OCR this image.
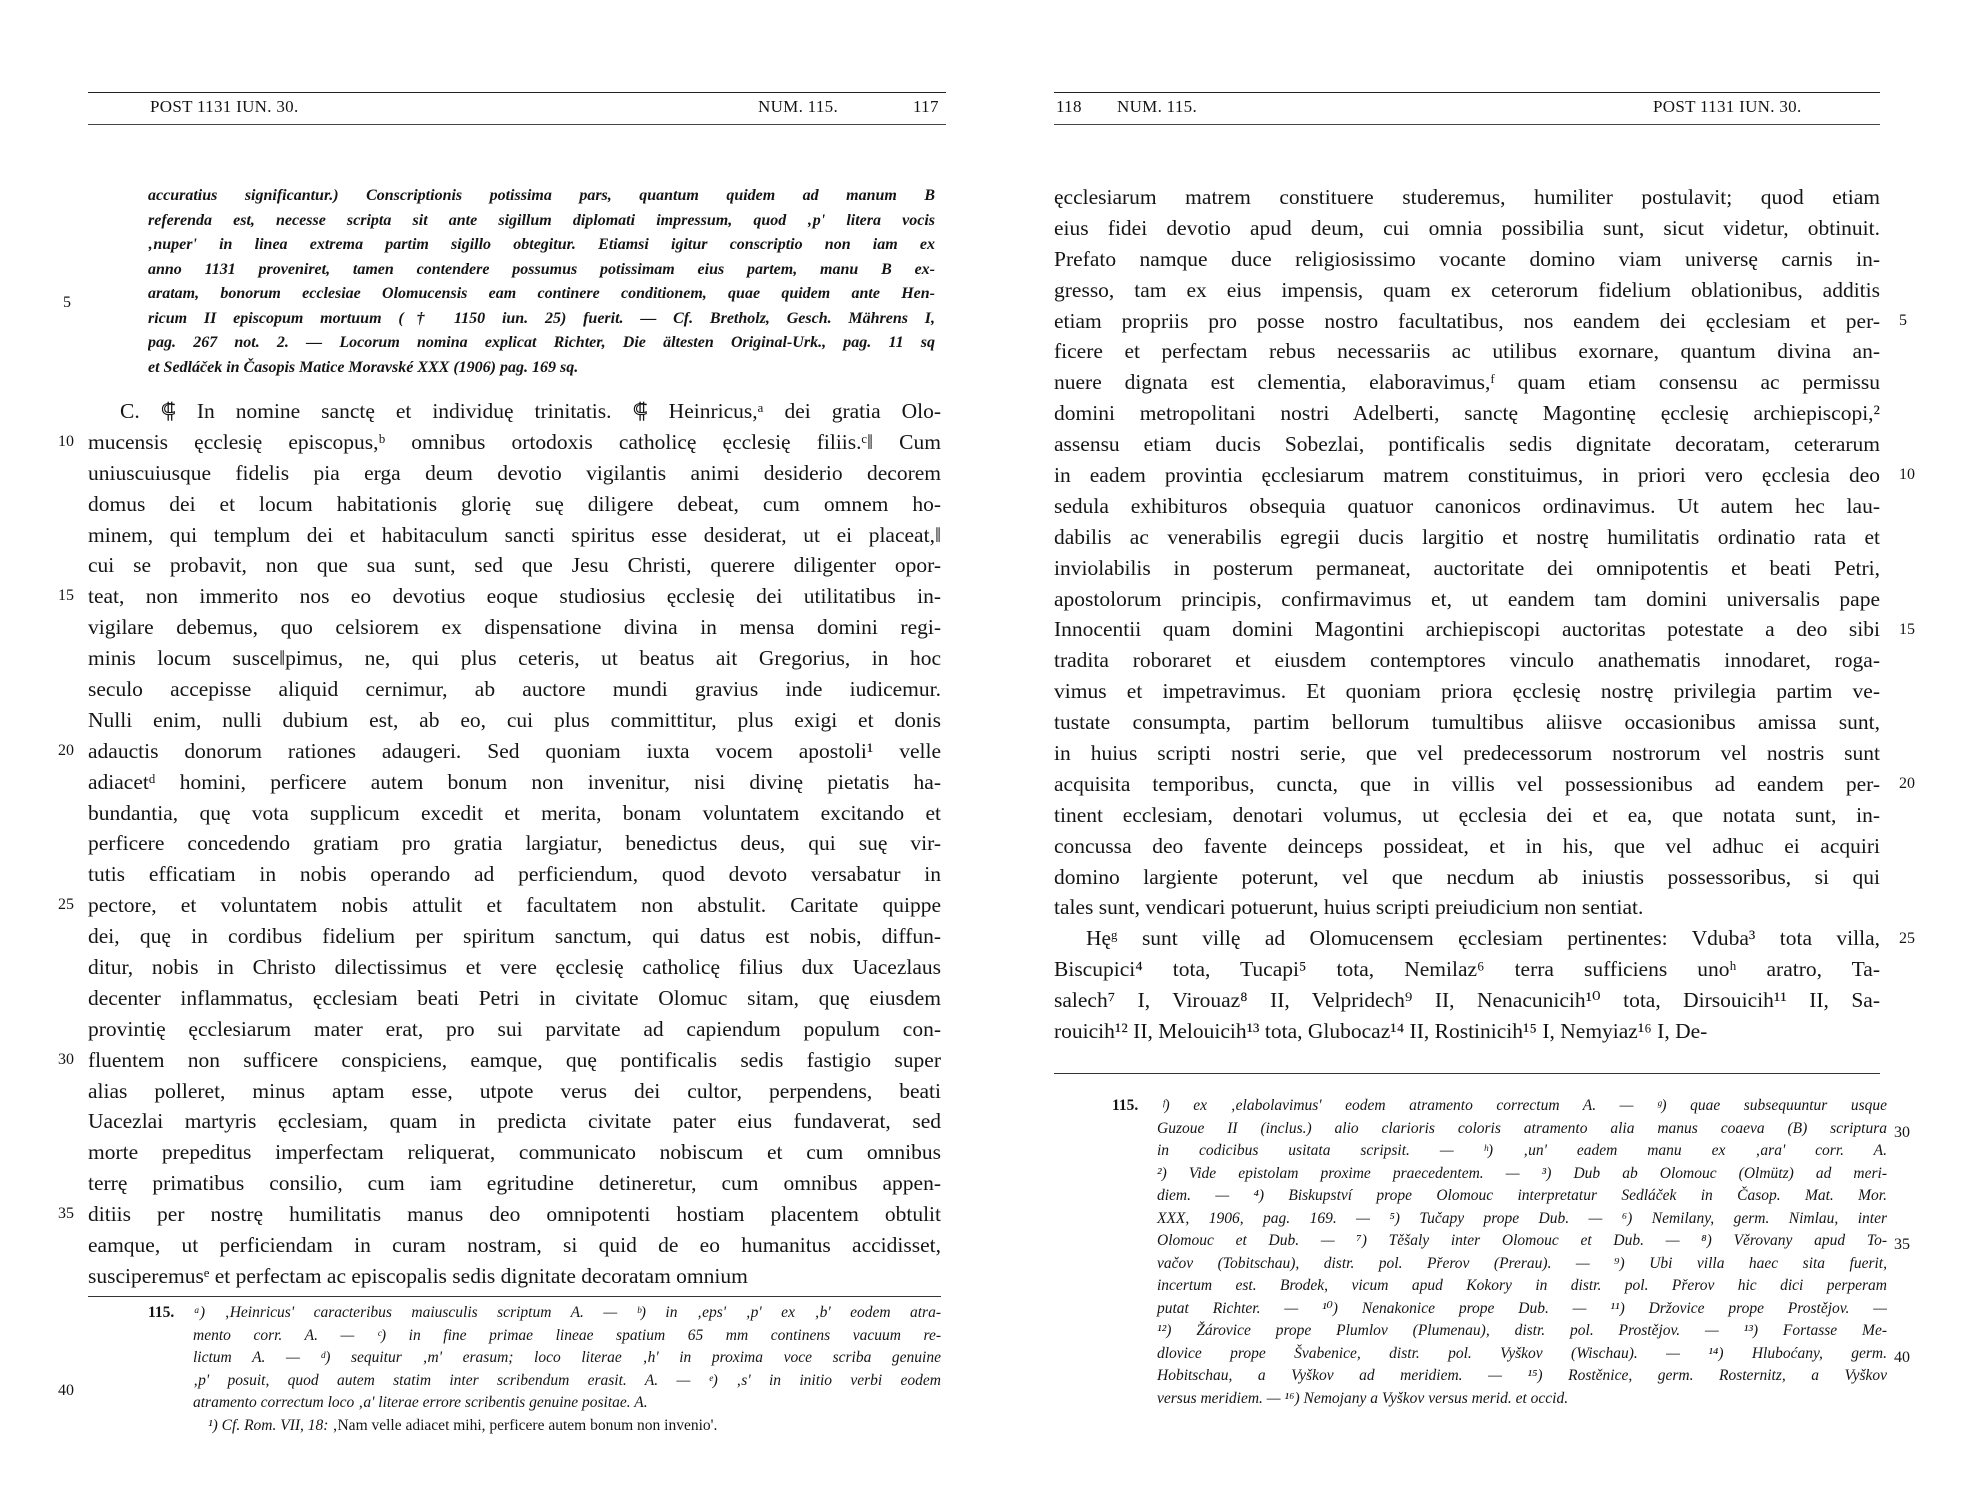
POST 1131 IUN. 30.	NUM. 115.	117
accuratius significantur.) Conscriptionis potissima pars, quantum quidem ad manum B
referenda est, necesse scripta sit ante sigillum diplomati impressum, quod ‚p' litera vocis
‚nuper' in linea extrema partim sigillo obtegitur. Etiamsi igitur conscriptio non iam ex
anno 1131 proveniret, tamen contendere possumus potissimam eius partem, manu B ex-
aratam, bonorum ecclesiae Olomucensis eam continere conditionem, quae quidem ante Hen-
ricum II episcopum mortuum († 1150 iun. 25) fuerit. — Cf. Bretholz, Gesch. Mährens I,
pag. 267 not. 2. — Locorum nomina explicat Richter, Die ältesten Original-Urk., pag. 11 sq
et Sedláček in Časopis Matice Moravské XXX (1906) pag. 169 sq.
5
C. ⸿ In nomine sanctę et individuę trinitatis. ⸿ Heinricus,ᵃ dei gratia Olo-
mucensis ęcclesię episcopus,ᵇ omnibus ortodoxis catholicę ęcclesię filiis.ᶜ‖ Cum
uniuscuiusque fidelis pia erga deum devotio vigilantis animi desiderio decorem
domus dei et locum habitationis glorię suę diligere debeat, cum omnem ho-
minem, qui templum dei et habitaculum sancti spiritus esse desiderat, ut ei placeat,‖
cui se probavit, non que sua sunt, sed que Jesu Christi, querere diligenter opor-
teat, non immerito nos eo devotius eoque studiosius ęcclesię dei utilitatibus in-
vigilare debemus, quo celsiorem ex dispensatione divina in mensa domini regi-
minis locum susce‖pimus, ne, qui plus ceteris, ut beatus ait Gregorius, in hoc
seculo accepisse aliquid cernimur, ab auctore mundi gravius inde iudicemur.
Nulli enim, nulli dubium est, ab eo, cui plus committitur, plus exigi et donis
adauctis donorum rationes adaugeri. Sed quoniam iuxta vocem apostoli¹ velle
adiacetᵈ homini, perficere autem bonum non invenitur, nisi divinę pietatis ha-
bundantia, quę vota supplicum excedit et merita, bonam voluntatem excitando et
perficere concedendo gratiam pro gratia largiatur, benedictus deus, qui suę vir-
tutis efficatiam in nobis operando ad perficiendum, quod devoto versabatur in
pectore, et voluntatem nobis attulit et facultatem non abstulit. Caritate quippe
dei, quę in cordibus fidelium per spiritum sanctum, qui datus est nobis, diffun-
ditur, nobis in Christo dilectissimus et vere ęcclesię catholicę filius dux Uacezlaus
decenter inflammatus, ęcclesiam beati Petri in civitate Olomuc sitam, quę eiusdem
provintię ęcclesiarum mater erat, pro sui parvitate ad capiendum populum con-
fluentem non sufficere conspiciens, eamque, quę pontificalis sedis fastigio super
alias polleret, minus aptam esse, utpote verus dei cultor, perpendens, beati
Uacezlai martyris ęcclesiam, quam in predicta civitate pater eius fundaverat, sed
morte prepeditus imperfectam reliquerat, communicato nobiscum et cum omnibus
terrę primatibus consilio, cum iam egritudine detineretur, cum omnibus appen-
ditiis per nostrę humilitatis manus deo omnipotenti hostiam placentem obtulit
eamque, ut perficiendam in curam nostram, si quid de eo humanitus accidisset,
susciperemusᵉ et perfectam ac episcopalis sedis dignitate decoratam omnium
10
15
20
25
30
35
115. ᵃ) ‚Heinricus' caracteribus maiusculis scriptum A. — ᵇ) in ‚eps' ‚p' ex ‚b' eodem atra-
mento corr. A. — ᶜ) in fine primae lineae spatium 65 mm continens vacuum re-
lictum A. — ᵈ) sequitur ‚m' erasum; loco literae ‚h' in proxima voce scriba genuine
‚p' posuit, quod autem statim inter scribendum erasit. A. — ᵉ) ‚s' in initio verbi eodem
atramento correctum loco ‚a' literae errore scribentis genuine positae. A.
¹) Cf. Rom. VII, 18: ‚Nam velle adiacet mihi, perficere autem bonum non invenio'.
40
118 NUM. 115.	POST 1131 IUN. 30.
ęcclesiarum matrem constituere studeremus, humiliter postulavit; quod etiam
eius fidei devotio apud deum, cui omnia possibilia sunt, sicut videtur, obtinuit.
Prefato namque duce religiosissimo vocante domino viam universę carnis in-
gresso, tam ex eius impensis, quam ex ceterorum fidelium oblationibus, additis
etiam propriis pro posse nostro facultatibus, nos eandem dei ęcclesiam et per-
ficere et perfectam rebus necessariis ac utilibus exornare, quantum divina an-
nuere dignata est clementia, elaboravimus,ᶠ quam etiam consensu ac permissu
domini metropolitani nostri Adelberti, sanctę Magontinę ęcclesię archiepiscopi,²
assensu etiam ducis Sobezlai, pontificalis sedis dignitate decoratam, ceterarum
in eadem provintia ęcclesiarum matrem constituimus, in priori vero ęcclesia deo
sedula exhibituros obsequia quatuor canonicos ordinavimus. Ut autem hec lau-
dabilis ac venerabilis egregii ducis largitio et nostrę humilitatis ordinatio rata et
inviolabilis in posterum permaneat, auctoritate dei omnipotentis et beati Petri,
apostolorum principis, confirmavimus et, ut eandem tam domini universalis pape
Innocentii quam domini Magontini archiepiscopi auctoritas potestate a deo sibi
tradita roboraret et eiusdem contemptores vinculo anathematis innodaret, roga-
vimus et impetravimus. Et quoniam priora ęcclesię nostrę privilegia partim ve-
tustate consumpta, partim bellorum tumultibus aliisve occasionibus amissa sunt,
in huius scripti nostri serie, que vel predecessorum nostrorum vel nostris sunt
acquisita temporibus, cuncta, que in villis vel possessionibus ad eandem per-
tinent ecclesiam, denotari volumus, ut ęcclesia dei et ea, que notata sunt, in-
concussa deo favente deinceps possideat, et in his, que vel adhuc ei acquiri
domino largiente poterunt, vel que necdum ab iniustis possessoribus, si qui
tales sunt, vendicari potuerunt, huius scripti preiudicium non sentiat.
Hęᵍ sunt villę ad Olomucensem ęcclesiam pertinentes: Vduba³ tota villa,
Biscupici⁴ tota, Tucapi⁵ tota, Nemilaz⁶ terra sufficiens unoʰ aratro, Ta-
salech⁷ I, Virouaz⁸ II, Velpridech⁹ II, Nenacunicih¹⁰ tota, Dirsouicih¹¹ II, Sa-
rouicih¹² II, Melouicih¹³ tota, Glubocaz¹⁴ II, Rostinicih¹⁵ I, Nemyiaz¹⁶ I, De-
5
10
15
20
25
115. ᶠ) ex ‚elabolavimus' eodem atramento correctum A. — ᵍ) quae subsequuntur usque
Guzoue II (inclus.) alio clarioris coloris atramento alia manus coaeva (B) scriptura
in codicibus usitata scripsit. — ʰ) ‚un' eadem manu ex ‚ara' corr. A.
²) Vide epistolam proxime praecedentem. — ³) Dub ab Olomouc (Olmütz) ad meri-
diem. — ⁴) Biskupství prope Olomouc interpretatur Sedláček in Časop. Mat. Mor.
XXX, 1906, pag. 169. — ⁵) Tučapy prope Dub. — ⁶) Nemilany, germ. Nimlau, inter
Olomouc et Dub. — ⁷) Těšaly inter Olomouc et Dub. — ⁸) Věrovany apud To-
vačov (Tobitschau), distr. pol. Přerov (Prerau). — ⁹) Ubi villa haec sita fuerit,
incertum est. Brodek, vicum apud Kokory in distr. pol. Přerov hic dici perperam
putat Richter. — ¹⁰) Nenakonice prope Dub. — ¹¹) Držovice prope Prostějov. —
¹²) Žárovice prope Plumlov (Plumenau), distr. pol. Prostějov. — ¹³) Fortasse Me-
dlovice prope Švabenice, distr. pol. Vyškov (Wischau). — ¹⁴) Hluboćany, germ.
Hobitschau, a Vyškov ad meridiem. — ¹⁵) Rostěnice, germ. Rosternitz, a Vyškov
versus meridiem. — ¹⁶) Nemojany a Vyškov versus merid. et occid.
30
35
40
